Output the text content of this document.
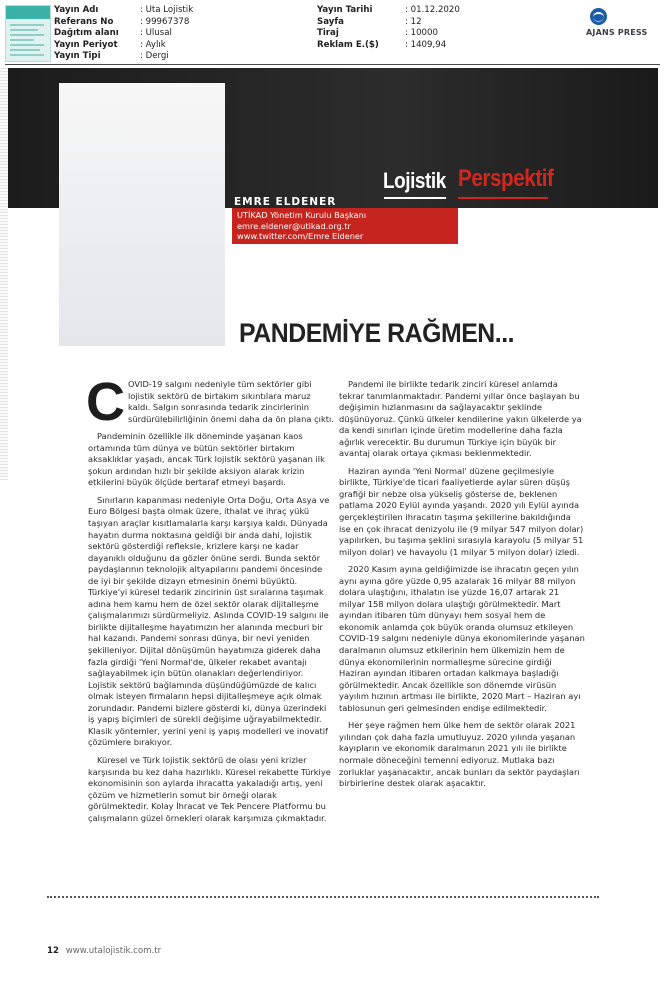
Yayın Adı	: Uta Lojistik
Referans No	: 99967378
Dağıtım alanı : Ulusal
Yayın Periyot	: Aylık
Yayın Tipi	: Dergi
Yayın Tarihi	: 01.12.2020
Sayfa	: 12
Tiraj	: 10000
Reklam E.($)	: 1409,94
AJANS PRESS
EMRE ELDENER
UTİKAD Yönetim Kurulu Başkanı
emre.eldener@utikad.org.tr
www.twitter.com/Emre Eldener
Lojistik Perspektif
PANDEMİYE RAĞMEN...

COVID-19 salgını nedeniyle tüm sektörler gibi lojistik sektörü de birtakım sıkıntılara maruz kaldı. Salgın sonrasında tedarik zincirlerinin sürdürülebilirliğinin önemi daha da ön plana çıktı.

Pandeminin özellikle ilk döneminde yaşanan kaos ortamında tüm dünya ve bütün sektörler birtakım aksaklıklar yaşadı, ancak Türk lojistik sektörü yaşanan ilk şokun ardından hızlı bir şekilde aksiyon alarak krizin etkilerini büyük ölçüde bertaraf etmeyi başardı.

Sınırların kapanması nedeniyle Orta Doğu, Orta Asya ve Euro Bölgesi başta olmak üzere, ithalat ve ihraç yükü taşıyan araçlar kısıtlamalarla karşı karşıya kaldı. Dünyada hayatın durma noktasına geldiği bir anda dahi, lojistik sektörü gösterdiği refleksle, krizlere karşı ne kadar dayanıklı olduğunu da gözler önüne serdi. Bunda sektör paydaşlarının teknolojik altyapılarını pandemi öncesinde de iyi bir şekilde dizayn etmesinin önemi büyüktü. Türkiye'yi küresel tedarik zincirinin üst sıralarına taşımak adına hem kamu hem de özel sektör olarak dijitalleşme çalışmalarımızı sürdürmeliyiz. Aslında COVID-19 salgını ile birlikte dijitalleşme hayatımızın her alanında mecburi bir hal kazandı. Pandemi sonrası dünya, bir nevi yeniden şekilleniyor. Dijital dönüşümün hayatımıza giderek daha fazla girdiği 'Yeni Normal'de, ülkeler rekabet avantajı sağlayabilmek için bütün olanakları değerlendiriyor. Lojistik sektörü bağlamında düşündüğümüzde de kalıcı olmak isteyen firmaların hepsi dijitalleşmeye açık olmak zorundadır. Pandemi bizlere gösterdi ki, dünya üzerindeki iş yapış biçimleri de sürekli değişime uğrayabilmektedir. Klasik yöntemler, yerini yeni iş yapış modelleri ve inovatif çözümlere bırakıyor.

Küresel ve Türk lojistik sektörü de olası yeni krizler karşısında bu kez daha hazırlıklı. Küresel rekabette Türkiye ekonomisinin son aylarda ihracatta yakaladığı artış, yeni çözüm ve hizmetlerin somut bir örneği olarak görülmektedir. Kolay İhracat ve Tek Pencere Platformu bu çalışmaların güzel örnekleri olarak karşımıza çıkmaktadır.

Pandemi ile birlikte tedarik zinciri küresel anlamda tekrar tanımlanmaktadır. Pandemi yıllar önce başlayan bu değişimin hızlanmasını da sağlayacaktır şeklinde düşünüyoruz. Çünkü ülkeler kendilerine yakın ülkelerde ya da kendi sınırları içinde üretim modellerine daha fazla ağırlık verecektir. Bu durumun Türkiye için büyük bir avantaj olarak ortaya çıkması beklenmektedir.

Haziran ayında 'Yeni Normal' düzene geçilmesiyle birlikte, Türkiye'de ticari faaliyetlerde aylar süren düşüş grafiği bir nebze olsa yükseliş gösterse de, beklenen patlama 2020 Eylül ayında yaşandı. 2020 yılı Eylül ayında gerçekleştirilen ihracatın taşıma şekillerine bakıldığında ise en çok ihracat denizyolu ile (9 milyar 547 milyon dolar) yapılırken, bu taşıma şeklini sırasıyla karayolu (5 milyar 51 milyon dolar) ve havayolu (1 milyar 5 milyon dolar) izledi.

2020 Kasım ayına geldiğimizde ise ihracatın geçen yılın aynı ayına göre yüzde 0,95 azalarak 16 milyar 88 milyon dolara ulaştığını, ithalatın ise yüzde 16,07 artarak 21 milyar 158 milyon dolara ulaştığı görülmektedir. Mart ayından itibaren tüm dünyayı hem sosyal hem de ekonomik anlamda çok büyük oranda olumsuz etkileyen COVID-19 salgını nedeniyle dünya ekonomilerinde yaşanan daralmanın olumsuz etkilerinin hem ülkemizin hem de dünya ekonomilerinin normalleşme sürecine girdiği Haziran ayından itibaren ortadan kalkmaya başladığı görülmektedir. Ancak özellikle son dönemde virüsün yayılım hızının artması ile birlikte, 2020 Mart – Haziran ayı tablosunun geri gelmesinden endişe edilmektedir.

Her şeye rağmen hem ülke hem de sektör olarak 2021 yılından çok daha fazla umutluyuz. 2020 yılında yaşanan kayıpların ve ekonomik daralmanın 2021 yılı ile birlikte normale döneceğini temenni ediyoruz. Mutlaka bazı zorluklar yaşanacaktır, ancak bunları da sektör paydaşları birbirlerine destek olarak aşacaktır.

12 www.utalojistik.com.tr
